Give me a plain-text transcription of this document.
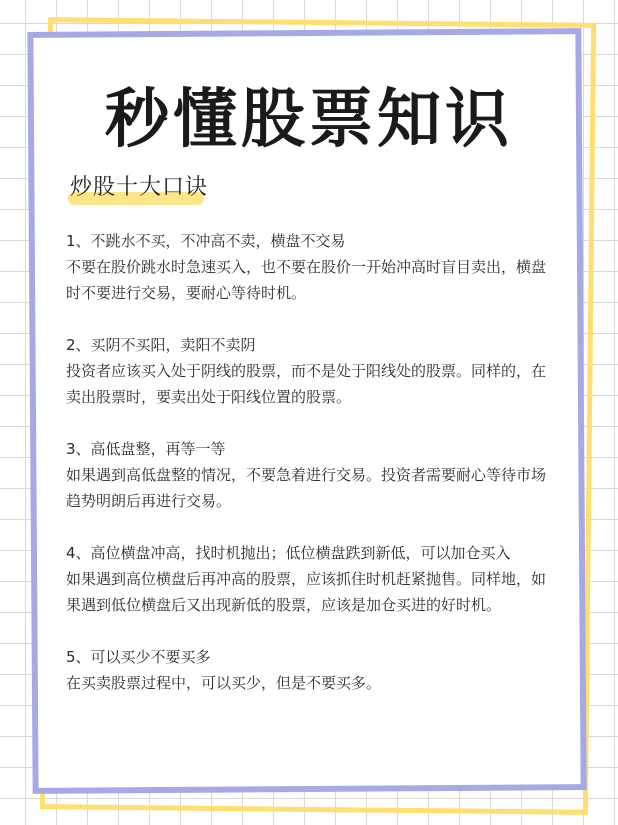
秒懂股票知识

炒股十大口诀

1、不跳水不买，不冲高不卖，横盘不交易

不要在股价跳水时急速买入，也不要在股价一开始冲高时盲目卖出，横盘时不要进行交易，要耐心等待时机。

2、买阴不买阳，卖阳不卖阴

投资者应该买入处于阴线的股票，而不是处于阳线处的股票。同样的，在卖出股票时，要卖出处于阳线位置的股票。

3、高低盘整，再等一等

如果遇到高低盘整的情况，不要急着进行交易。投资者需要耐心等待市场趋势明朗后再进行交易。

4、高位横盘冲高，找时机抛出；低位横盘跌到新低，可以加仓买入

如果遇到高位横盘后再冲高的股票，应该抓住时机赶紧抛售。同样地，如果遇到低位横盘后又出现新低的股票，应该是加仓买进的好时机。

5、可以买少不要买多

在买卖股票过程中，可以买少，但是不要买多。
